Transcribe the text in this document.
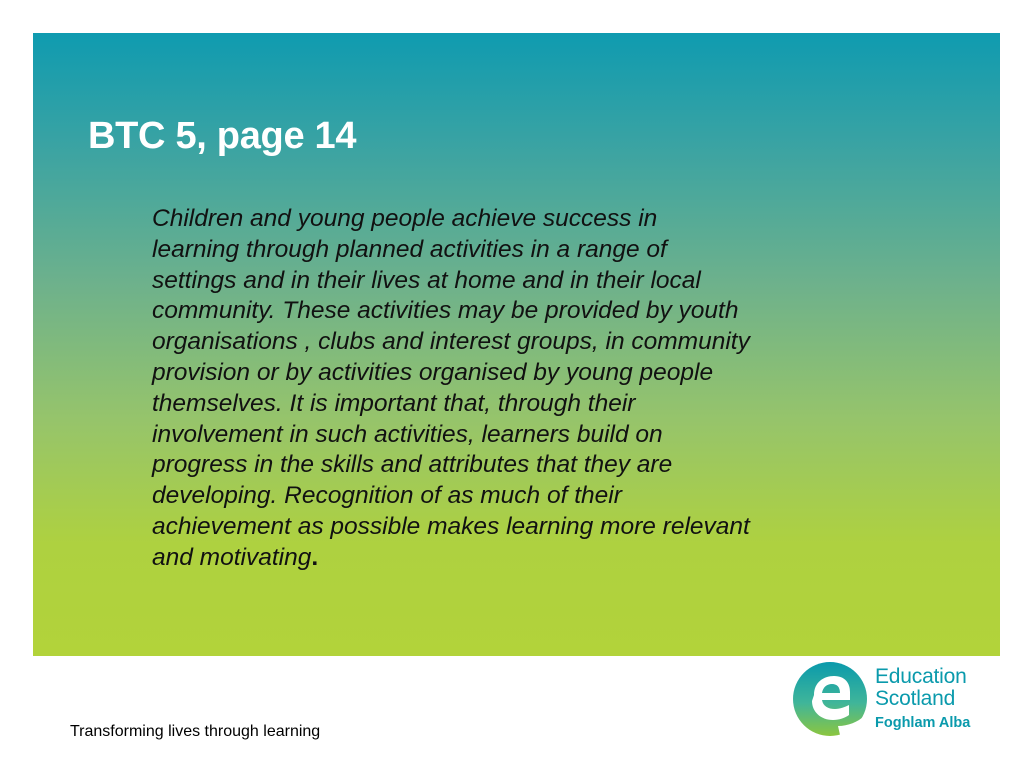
BTC 5, page 14

Children and young people achieve success in
learning through planned activities in a range of
settings and in their lives at home and in their local
community. These activities may be provided by youth
organisations , clubs and interest groups, in community
provision or by activities organised by young people
themselves. It is important that, through their
involvement in such activities, learners build on
progress in the skills and attributes that they are
developing. Recognition of as much of their
achievement as possible makes learning more relevant
and motivating.

Transforming lives through learning

Education
Scotland
Foghlam Alba
